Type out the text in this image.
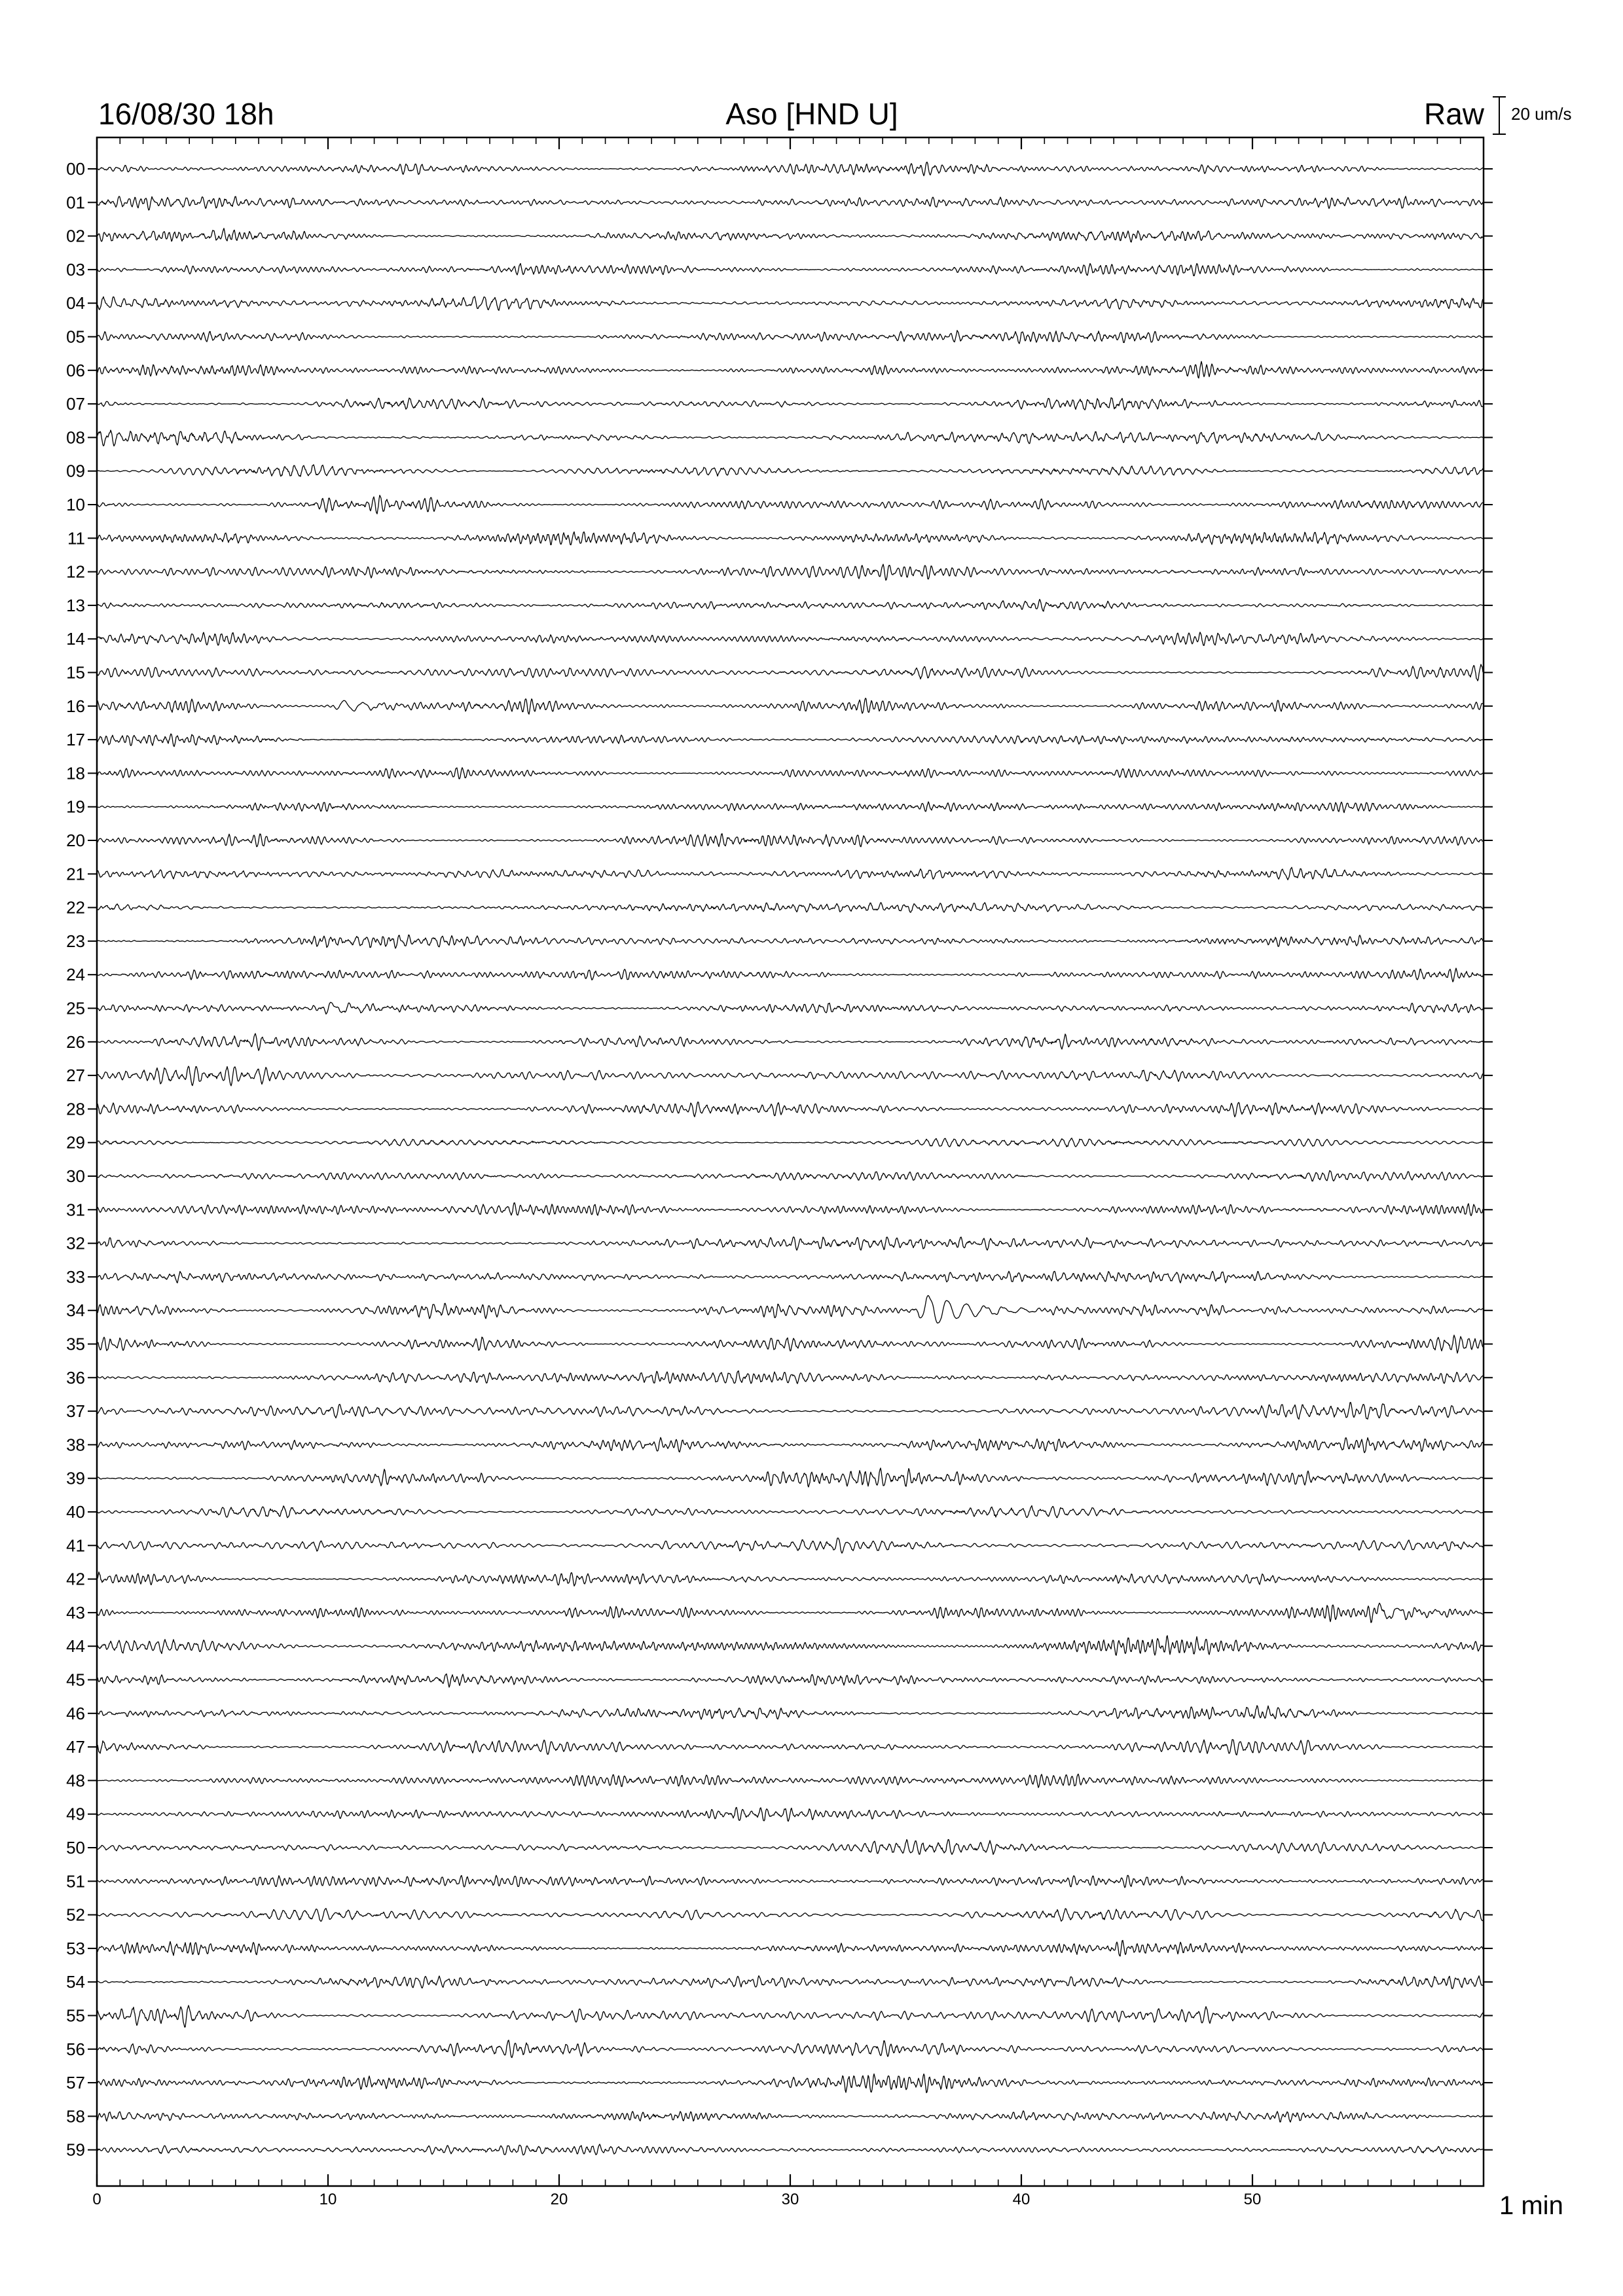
16/08/30 18h	Aso [HND U]	Raw 20 um/s
00
01
02
03
04
05
06
07
08
09
10
11
12
13
14
15
16
17
18
19
20
21
22
23
24
25
26
27
28
29
30
31
32
33
34
35
36
37
38
39
40
41
42
43
44
45
46
47
48
49
50
51
52
53
54
55
56
57
58
59
0	10	20	30	40	50	1 min
